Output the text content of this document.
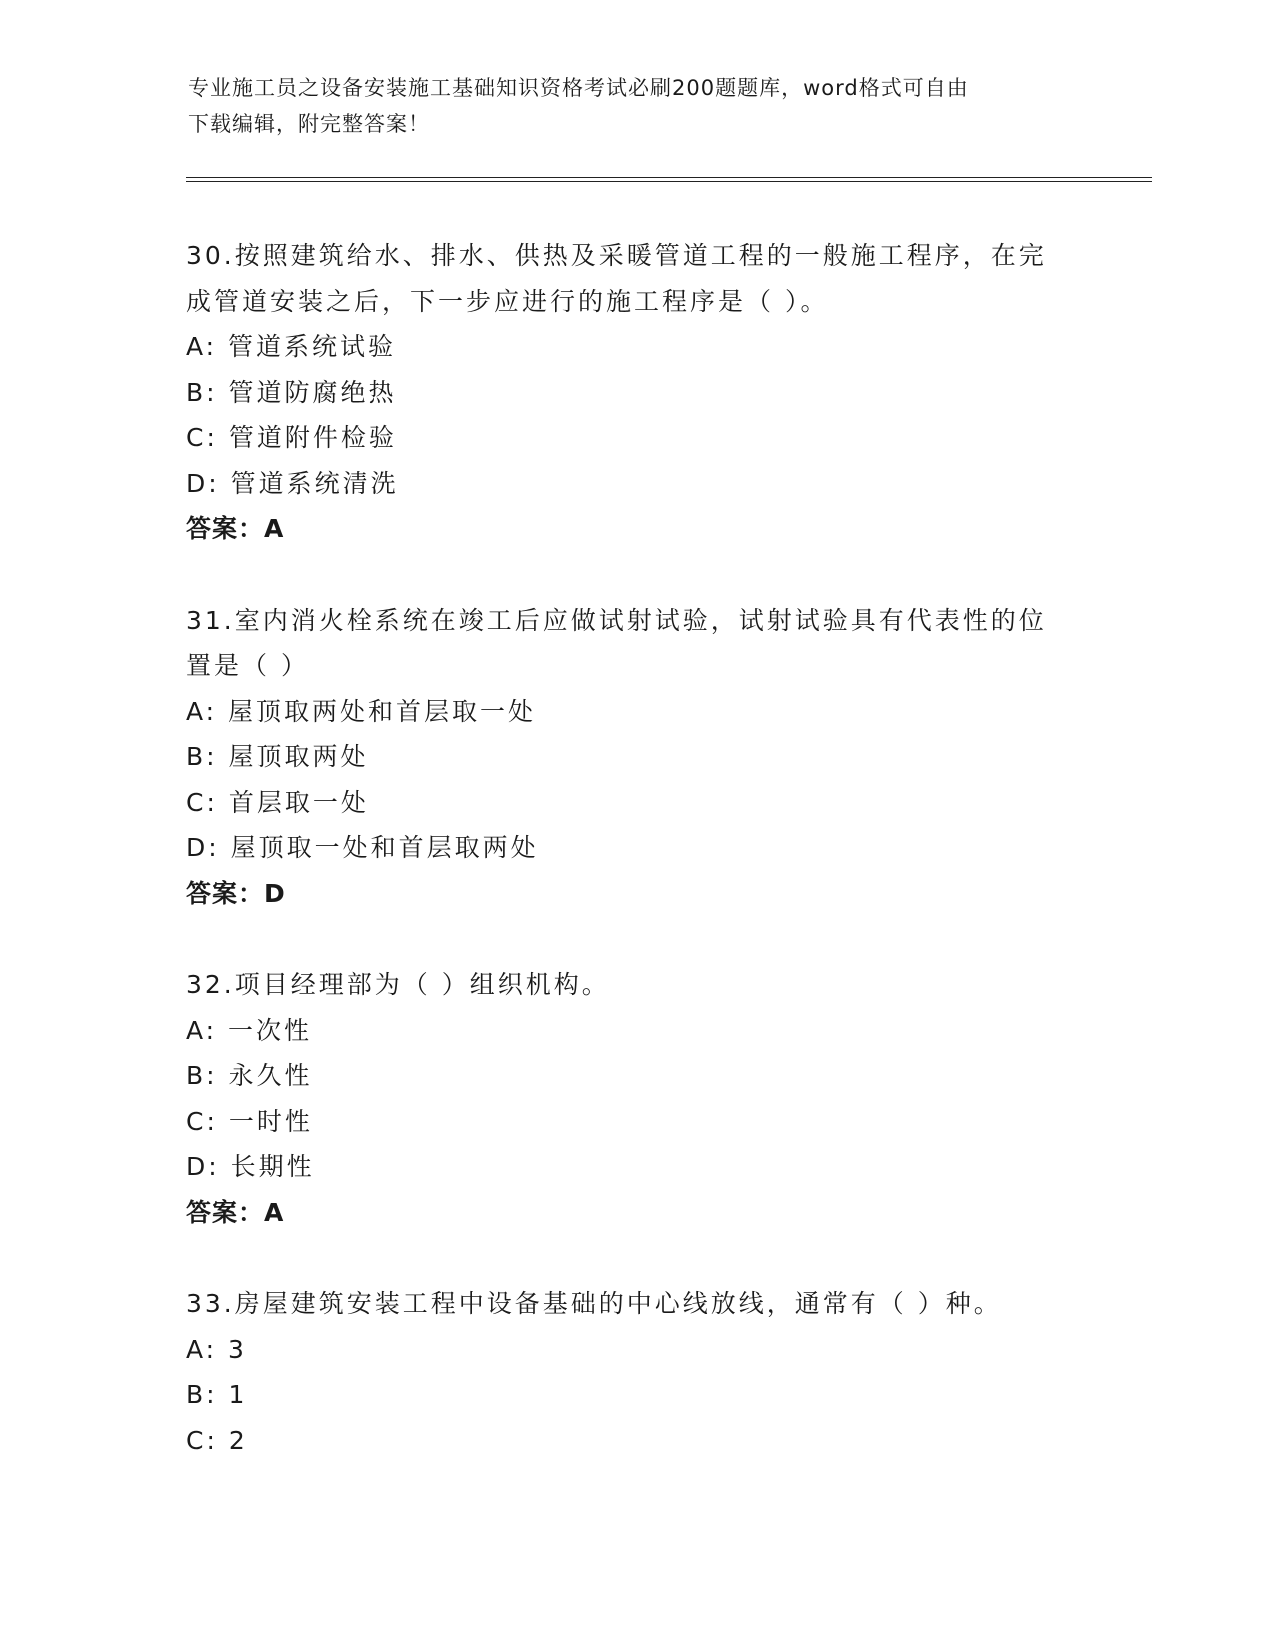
专业施工员之设备安装施工基础知识资格考试必刷200题题库，word格式可自由
下载编辑，附完整答案！
30.按照建筑给水、排水、供热及采暖管道工程的一般施工程序，在完
成管道安装之后，下一步应进行的施工程序是（ ）。
A: 管道系统试验
B: 管道防腐绝热
C: 管道附件检验
D: 管道系统清洗
答案：A
31.室内消火栓系统在竣工后应做试射试验，试射试验具有代表性的位
置是（ ）
A: 屋顶取两处和首层取一处
B: 屋顶取两处
C: 首层取一处
D: 屋顶取一处和首层取两处
答案：D
32.项目经理部为（ ）组织机构。
A: 一次性
B: 永久性
C: 一时性
D: 长期性
答案：A
33.房屋建筑安装工程中设备基础的中心线放线，通常有（ ）种。
A: 3
B: 1
C: 2
